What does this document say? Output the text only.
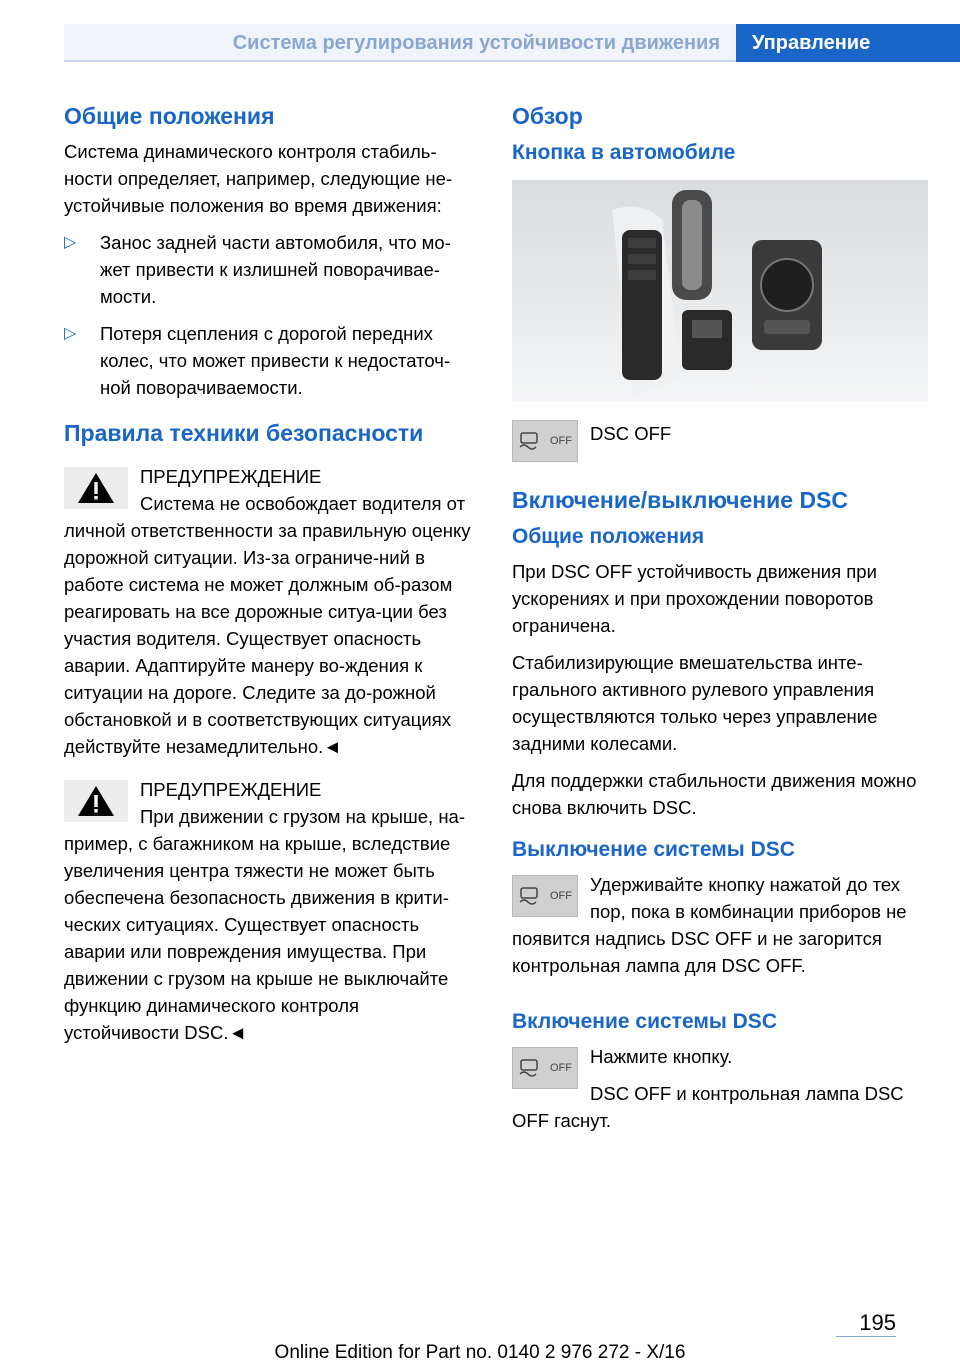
Система регулирования устойчивости движения	Управление
Общие положения
Система динамического контроля стабиль-ности определяет, например, следующие не-устойчивые положения во время движения:
▷ Занос задней части автомобиля, что мо-жет привести к излишней поворачивае-мости.
▷ Потеря сцепления с дорогой передних колес, что может привести к недостаточ-ной поворачиваемости.
Правила техники безопасности
ПРЕДУПРЕЖДЕНИЕ
Система не освобождает водителя от личной ответственности за правильную оценку дорожной ситуации. Из-за ограниче-ний в работе система не может должным об-разом реагировать на все дорожные ситуа-ции без участия водителя. Существует опасность аварии. Адаптируйте манеру во-ждения к ситуации на дороге. Следите за до-рожной обстановкой и в соответствующих ситуациях действуйте незамедлительно.◄
ПРЕДУПРЕЖДЕНИЕ
При движении с грузом на крыше, на-пример, с багажником на крыше, вследствие увеличения центра тяжести не может быть обеспечена безопасность движения в крити-ческих ситуациях. Существует опасность аварии или повреждения имущества. При движении с грузом на крыше не выключайте функцию динамического контроля устойчивости DSC.◄
Обзор
Кнопка в автомобиле
OFF DSC OFF
Включение/выключение DSC
Общие положения
При DSC OFF устойчивость движения при ускорениях и при прохождении поворотов ограничена.
Стабилизирующие вмешательства инте-грального активного рулевого управления осуществляются только через управление задними колесами.
Для поддержки стабильности движения можно снова включить DSC.
Выключение системы DSC
OFF
Удерживайте кнопку нажатой до тех пор, пока в комбинации приборов не появится надпись DSC OFF и не загорится контрольная лампа для DSC OFF.
Включение системы DSC
OFF
Нажмите кнопку.
DSC OFF и контрольная лампа DSC OFF гаснут.
195
Online Edition for Part no. 0140 2 976 272 - X/16
